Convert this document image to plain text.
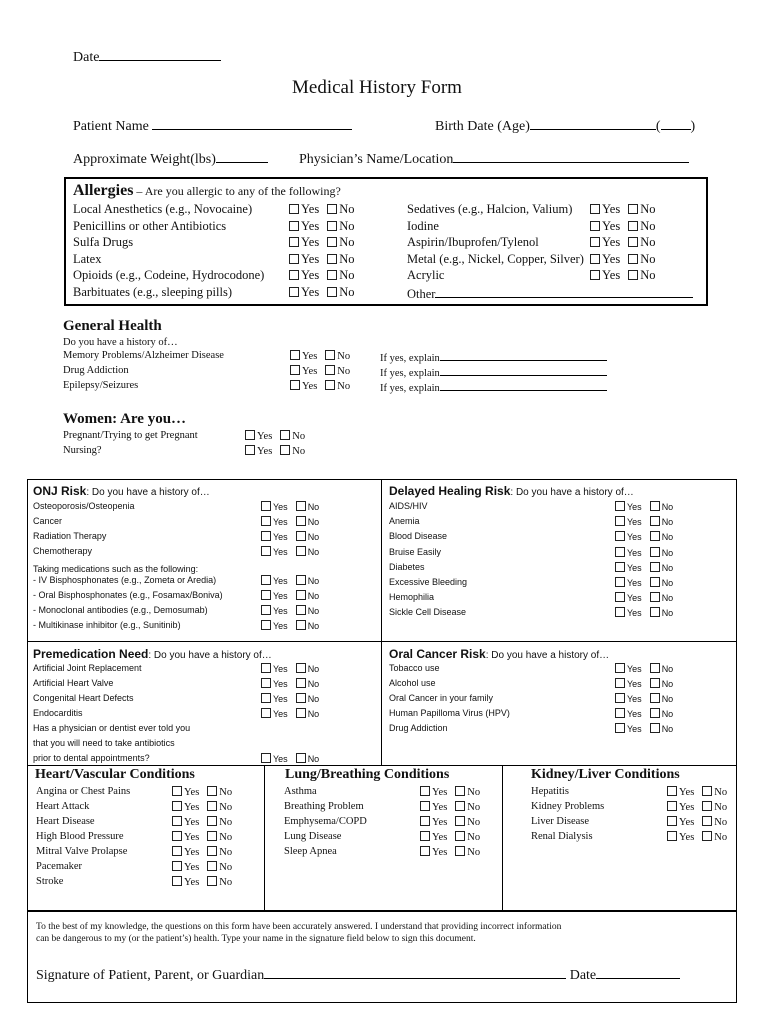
Date
Medical History Form
Patient Name	Birth Date (Age)	( )
Approximate Weight(lbs)	Physician’s Name/Location
Allergies – Are you allergic to any of the following?
Local Anesthetics (e.g., Novocaine)	Yes No
Penicillins or other Antibiotics	Yes No
Sulfa Drugs	Yes No
Latex	Yes No
Opioids (e.g., Codeine, Hydrocodone)	Yes No
Barbituates (e.g., sleeping pills)	Yes No
Sedatives (e.g., Halcion, Valium)	Yes No
Iodine	Yes No
Aspirin/Ibuprofen/Tylenol	Yes No
Metal (e.g., Nickel, Copper, Silver)	Yes No
Acrylic	Yes No
Other
General Health
Do you have a history of…
Memory Problems/Alzheimer Disease	Yes No	If yes, explain
Drug Addiction	Yes No	If yes, explain
Epilepsy/Seizures	Yes No	If yes, explain
Women: Are you…
Pregnant/Trying to get Pregnant	Yes No
Nursing?	Yes No
ONJ Risk: Do you have a history of…	Delayed Healing Risk: Do you have a history of…
Premedication Need: Do you have a history of…	Oral Cancer Risk: Do you have a history of…
Taking medications such as the following:
Has a physician or dentist ever told you
that you will need to take antibiotics
Osteoporosis/Osteopenia	Yes No
Cancer	Yes No
Radiation Therapy	Yes No
Chemotherapy	Yes No
- IV Bisphosphonates (e.g., Zometa or Aredia)	Yes No
- Oral Bisphosphonates (e.g., Fosamax/Boniva)	Yes No
- Monoclonal antibodies (e.g., Demosumab)	Yes No
- Multikinase inhibitor (e.g., Sunitinib)	Yes No
AIDS/HIV	Yes No
Anemia	Yes No
Blood Disease	Yes No
Bruise Easily	Yes No
Diabetes	Yes No
Excessive Bleeding	Yes No
Hemophilia	Yes No
Sickle Cell Disease	Yes No
Artificial Joint Replacement	Yes No
Artificial Heart Valve	Yes No
Congenital Heart Defects	Yes No
Endocarditis	Yes No
prior to dental appointments?	Yes No
Tobacco use	Yes No
Alcohol use	Yes No
Oral Cancer in your family	Yes No
Human Papilloma Virus (HPV)	Yes No
Drug Addiction	Yes No
Heart/Vascular Conditions	Lung/Breathing Conditions	Kidney/Liver Conditions
Angina or Chest Pains	Yes No
Heart Attack	Yes No
Heart Disease	Yes No
High Blood Pressure	Yes No
Mitral Valve Prolapse	Yes No
Pacemaker	Yes No
Stroke	Yes No
Asthma	Yes No
Breathing Problem	Yes No
Emphysema/COPD	Yes No
Lung Disease	Yes No
Sleep Apnea	Yes No
Hepatitis	Yes No
Kidney Problems	Yes No
Liver Disease	Yes No
Renal Dialysis	Yes No
To the best of my knowledge, the questions on this form have been accurately answered. I understand that providing incorrect information
can be dangerous to my (or the patient’s) health. Type your name in the signature field below to sign this document.
Signature of Patient, Parent, or Guardian	Date
